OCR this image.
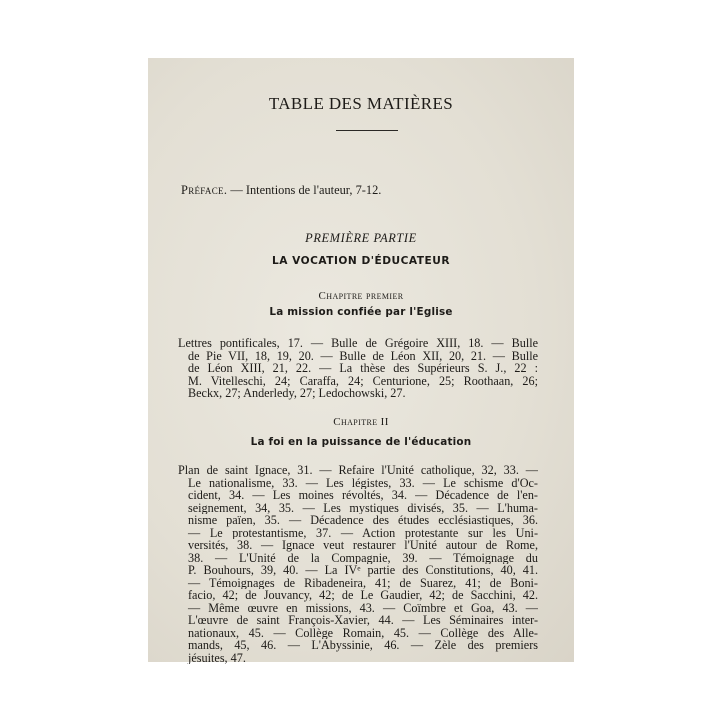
TABLE DES MATIÈRES
Préface. — Intentions de l'auteur, 7-12.
PREMIÈRE PARTIE
LA VOCATION D'ÉDUCATEUR
Chapitre premier
La mission confiée par l'Eglise
Lettres pontificales, 17. — Bulle de Grégoire XIII, 18. — Bulle
de Pie VII, 18, 19, 20. — Bulle de Léon XII, 20, 21. — Bulle
de Léon XIII, 21, 22. — La thèse des Supérieurs S. J., 22 :
M. Vitelleschi, 24; Caraffa, 24; Centurione, 25; Roothaan, 26;
Beckx, 27; Anderledy, 27; Ledochowski, 27.
Chapitre II
La foi en la puissance de l'éducation
Plan de saint Ignace, 31. — Refaire l'Unité catholique, 32, 33. —
Le nationalisme, 33. — Les légistes, 33. — Le schisme d'Oc-
cident, 34. — Les moines révoltés, 34. — Décadence de l'en-
seignement, 34, 35. — Les mystiques divisés, 35. — L'huma-
nisme païen, 35. — Décadence des études ecclésiastiques, 36.
— Le protestantisme, 37. — Action protestante sur les Uni-
versités, 38. — Ignace veut restaurer l'Unité autour de Rome,
38. — L'Unité de la Compagnie, 39. — Témoignage du
P. Bouhours, 39, 40. — La IVᵉ partie des Constitutions, 40, 41.
— Témoignages de Ribadeneira, 41; de Suarez, 41; de Boni-
facio, 42; de Jouvancy, 42; de Le Gaudier, 42; de Sacchini, 42.
— Même œuvre en missions, 43. — Coïmbre et Goa, 43. —
L'œuvre de saint François-Xavier, 44. — Les Séminaires inter-
nationaux, 45. — Collège Romain, 45. — Collège des Alle-
mands, 45, 46. — L'Abyssinie, 46. — Zèle des premiers
jésuites, 47.
